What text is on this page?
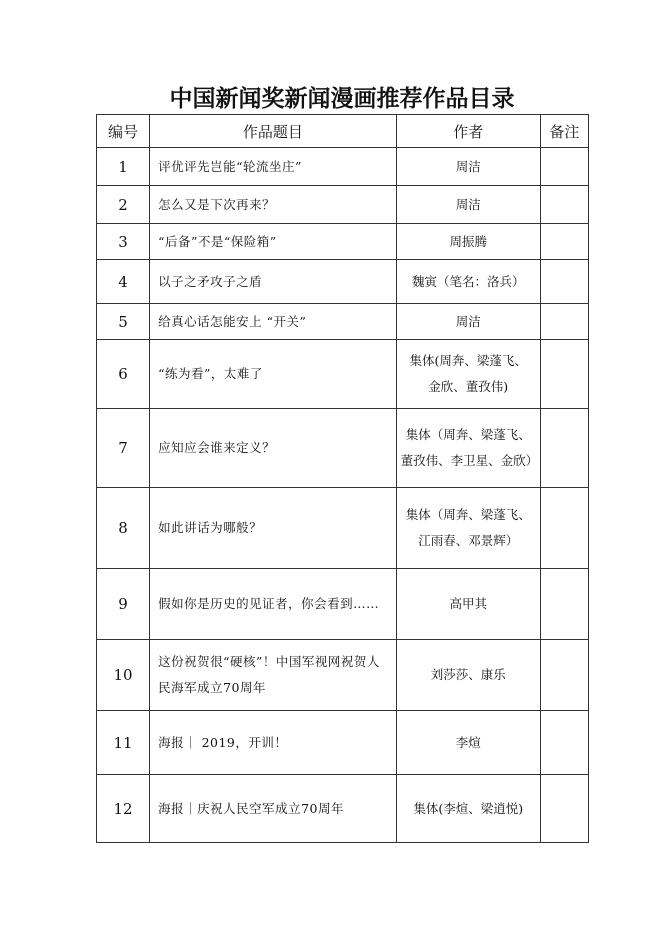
中国新闻奖新闻漫画推荐作品目录
编号	作品题目	作者	备注
1	评优评先岂能“轮流坐庄”	周洁	

2	怎么又是下次再来？	周洁	

3	“后备”不是“保险箱”	周振腾	

4	以子之矛攻子之盾	魏寅（笔名：洛兵）	

5	给真心话怎能安上 “开关”	周洁	

6	“练为看”，太难了	集体(周奔、梁蓬飞、
金欣、董孜伟)	

7	应知应会谁来定义？	集体（周奔、梁蓬飞、
董孜伟、李卫星、金欣）	

8	如此讲话为哪般？	集体（周奔、梁蓬飞、
江雨春、邓景辉）	

9	假如你是历史的见证者，你会看到……	高甲其	

10	这份祝贺很“硬核”！中国军视网祝贺人民海军成立70周年	刘莎莎、康乐	

11	海报｜ 2019，开训！	李煊	

12	海报｜庆祝人民空军成立70周年	集体(李煊、梁逍悦)	
